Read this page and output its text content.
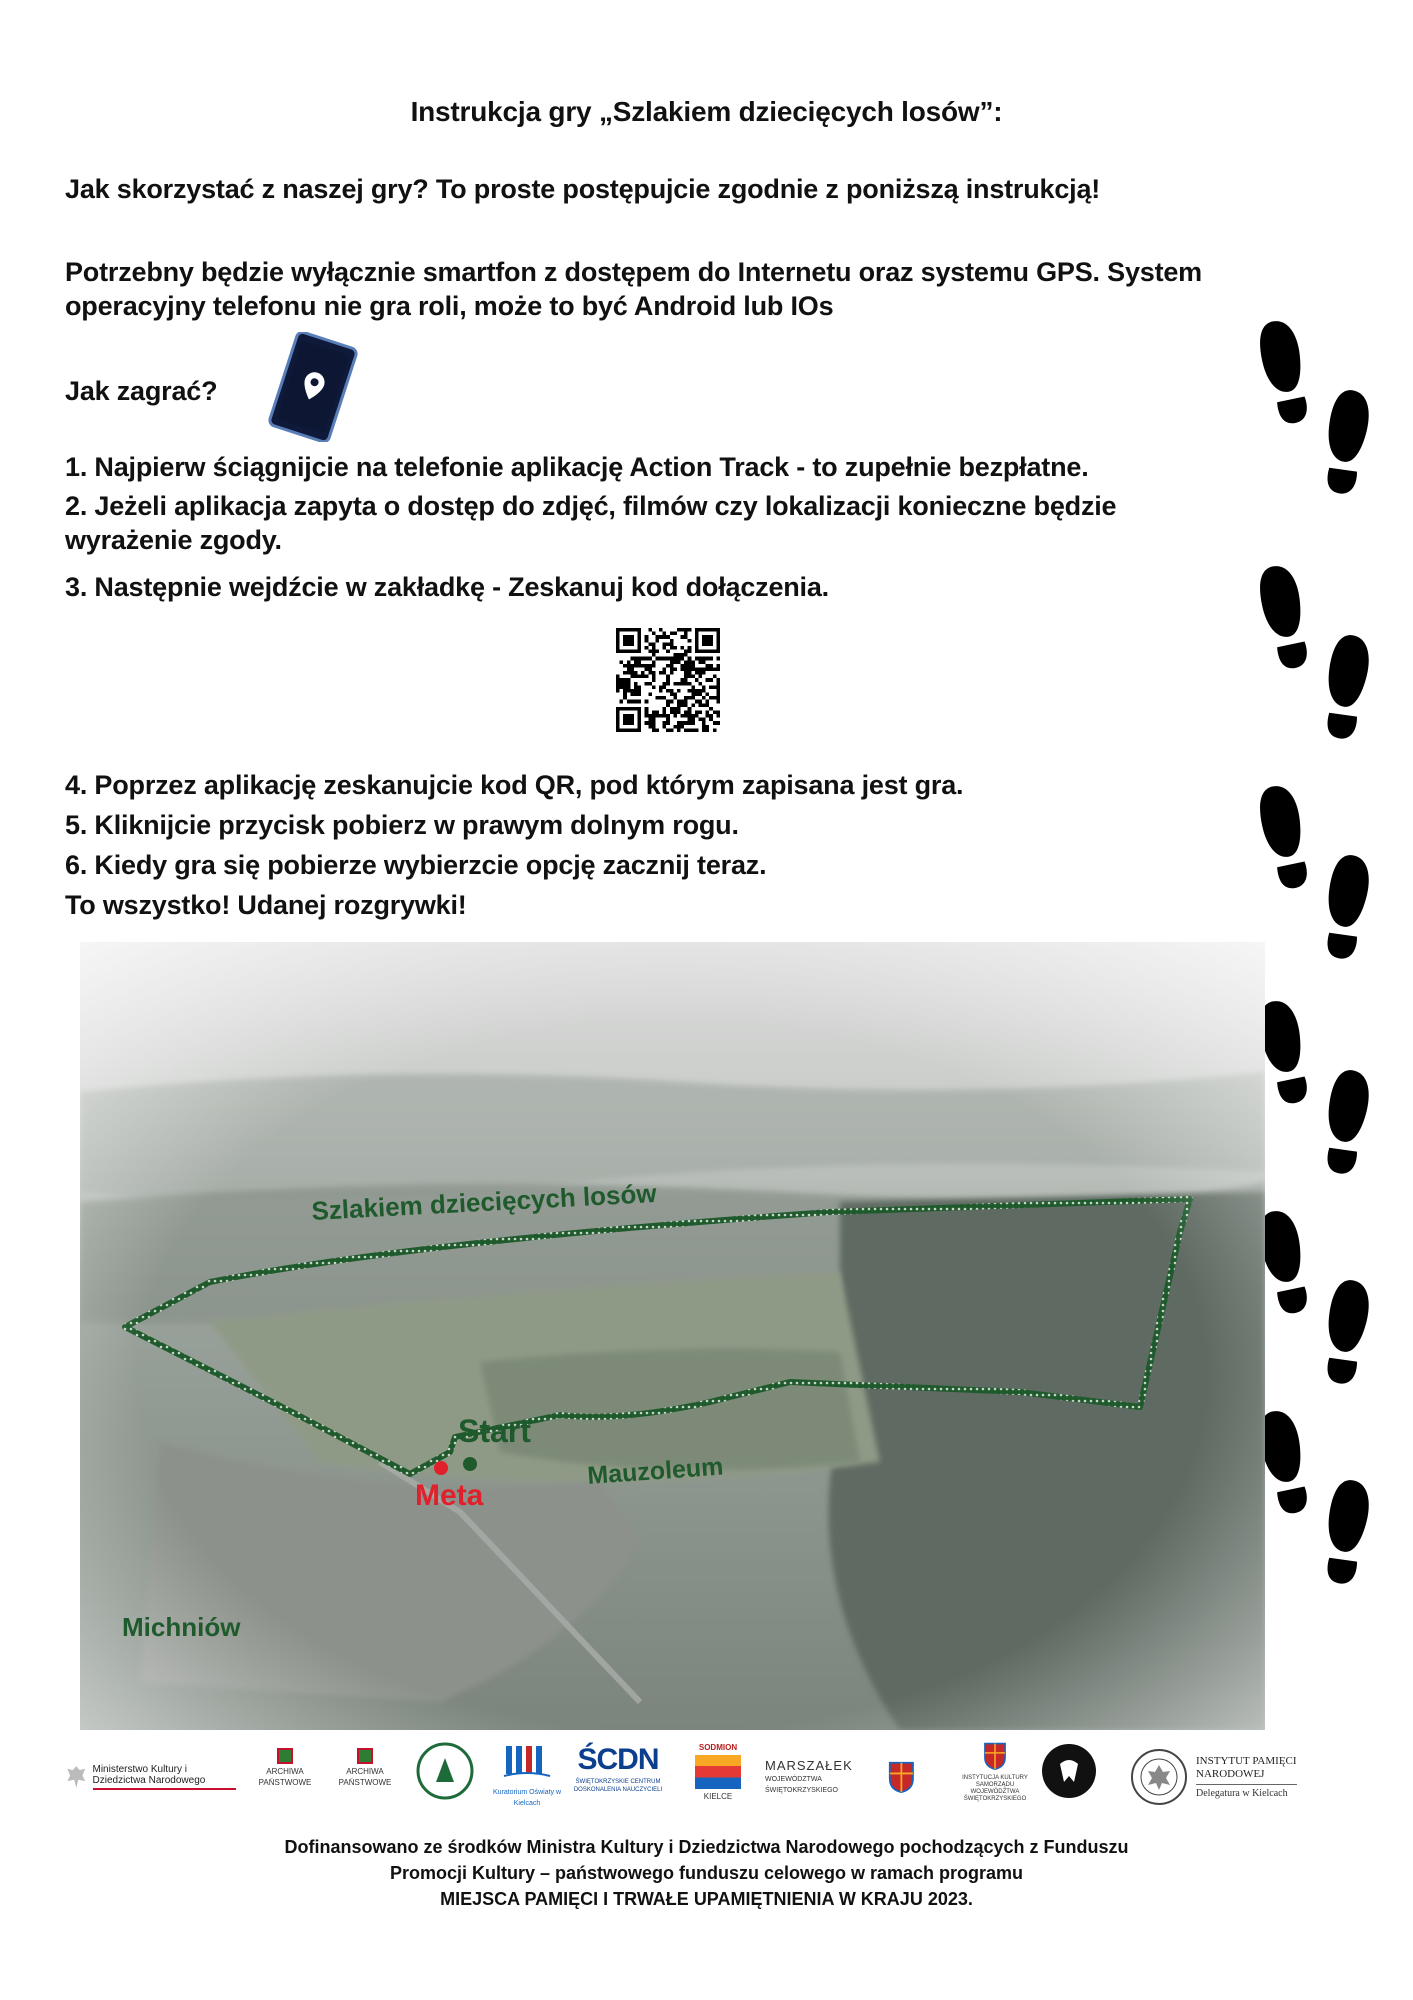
Instrukcja gry „Szlakiem dziecięcych losów”:
Jak skorzystać z naszej gry? To proste postępujcie zgodnie z poniższą instrukcją!
Potrzebny będzie wyłącznie smartfon z dostępem do Internetu oraz systemu GPS. System
operacyjny telefonu nie gra roli, może to być Android lub IOs
Jak zagrać?
1. Najpierw ściągnijcie na telefonie aplikację Action Track - to zupełnie bezpłatne.
2. Jeżeli aplikacja zapyta o dostęp do zdjęć, filmów czy lokalizacji konieczne będzie
wyrażenie zgody.
3. Następnie wejdźcie w zakładkę - Zeskanuj kod dołączenia.
4. Poprzez aplikację zeskanujcie kod QR, pod którym zapisana jest gra.
5. Kliknijcie przycisk pobierz w prawym dolnym rogu.
6. Kiedy gra się pobierze wybierzcie opcję zacznij teraz.
To wszystko! Udanej rozgrywki!
Szlakiem dziecięcych losów
Start
Meta
Mauzoleum
Michniów
Ministerstwo Kultury i Dziedzictwa Narodowego
ARCHIWA PAŃSTWOWE
ARCHIWA PAŃSTWOWE
Kuratorium Oświaty w Kielcach
ŚCDN
ŚWIĘTOKRZYSKIE CENTRUM DOSKONALENIA NAUCZYCIELI
SODMION
KIELCE
MARSZAŁEK
WOJEWÓDZTWA ŚWIĘTOKRZYSKIEGO
INSTYTUCJA KULTURY SAMORZĄDU WOJEWÓDZTWA ŚWIĘTOKRZYSKIEGO
INSTYTUT PAMIĘCI
NARODOWEJ
Delegatura w Kielcach
Dofinansowano ze środków Ministra Kultury i Dziedzictwa Narodowego pochodzących z Funduszu
Promocji Kultury – państwowego funduszu celowego w ramach programu
MIEJSCA PAMIĘCI I TRWAŁE UPAMIĘTNIENIA W KRAJU 2023.
